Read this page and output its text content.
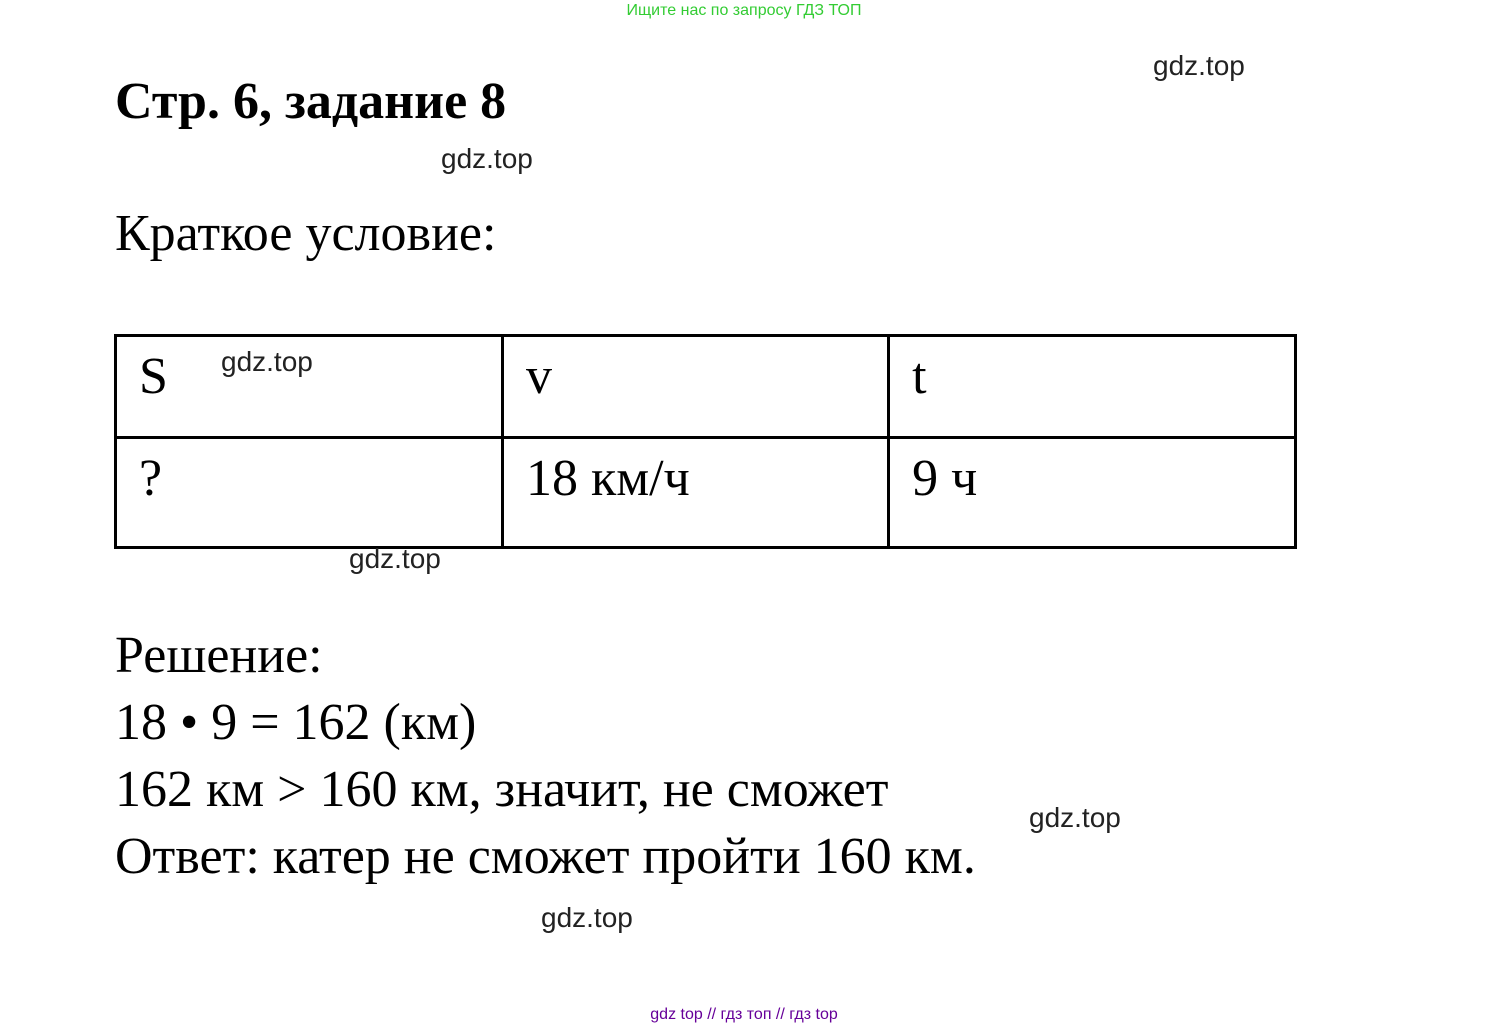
Ищите нас по запросу ГДЗ ТОП
gdz.top
Стр. 6, задание 8
gdz.top
Краткое условие:
S	v	t
?	18 км/ч	9 ч
gdz.top
gdz.top
Решение:
18 • 9 = 162 (км)
162 км > 160 км, значит, не сможет
Ответ: катер не сможет пройти 160 км.
gdz.top
gdz.top
gdz top // гдз топ // гдз top
